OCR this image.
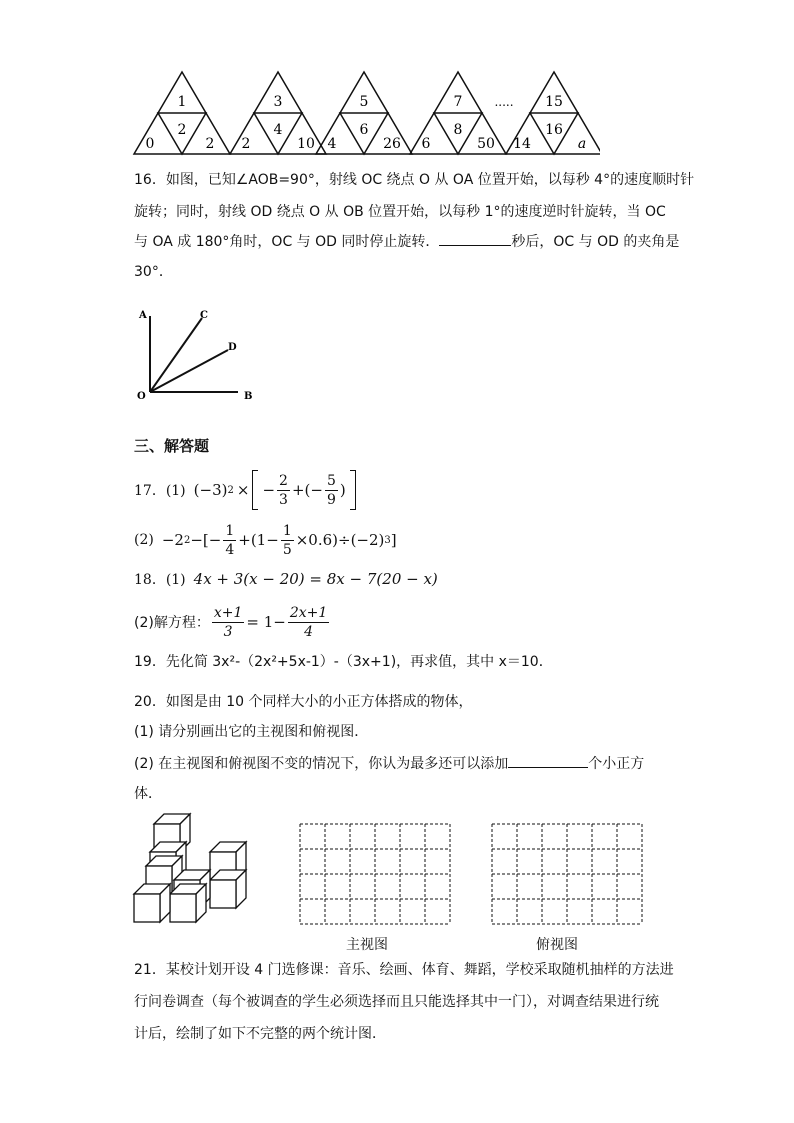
1
2
0	2
3
4
2	10
5
6
4	26
7
8
6	50
..... 15
16
14	a
16．如图，已知∠AOB=90°，射线 OC 绕点 O 从 OA 位置开始，以每秒 4°的速度顺时针
旋转；同时，射线 OD 绕点 O 从 OB 位置开始，以每秒 1°的速度逆时针旋转，当 OC
与 OA 成 180°角时，OC 与 OD 同时停止旋转．	秒后，OC 与 OD 的夹角是
30°．
A	C
D
O	B
三、解答题
17．(1) (−3) 2 × − $\frac{2}{3}$ +(− $\frac{5}{9}$ )
(2) −2 2 −[− $\frac{1}{4} +(1- \frac{1}{5} \times 0.6)\div(-2)$ 3 ]
18．(1) 4x + 3(x − 20) = 8x − 7(20 − x)
(2)解方程： $\frac{x+1}{3} = 1- \frac{2x+1}{4}$
19．先化简 3x²-（2x²+5x-1）-（3x+1)，再求值，其中 x＝10．
20．如图是由 10 个同样大小的小正方体搭成的物体，
(1) 请分别画出它的主视图和俯视图．
(2) 在主视图和俯视图不变的情况下，你认为最多还可以添加	个小正方
体．
主视图	俯视图
21．某校计划开设 4 门选修课：音乐、绘画、体育、舞蹈，学校采取随机抽样的方法进
行问卷调查（每个被调查的学生必须选择而且只能选择其中一门），对调查结果进行统
计后，绘制了如下不完整的两个统计图．
